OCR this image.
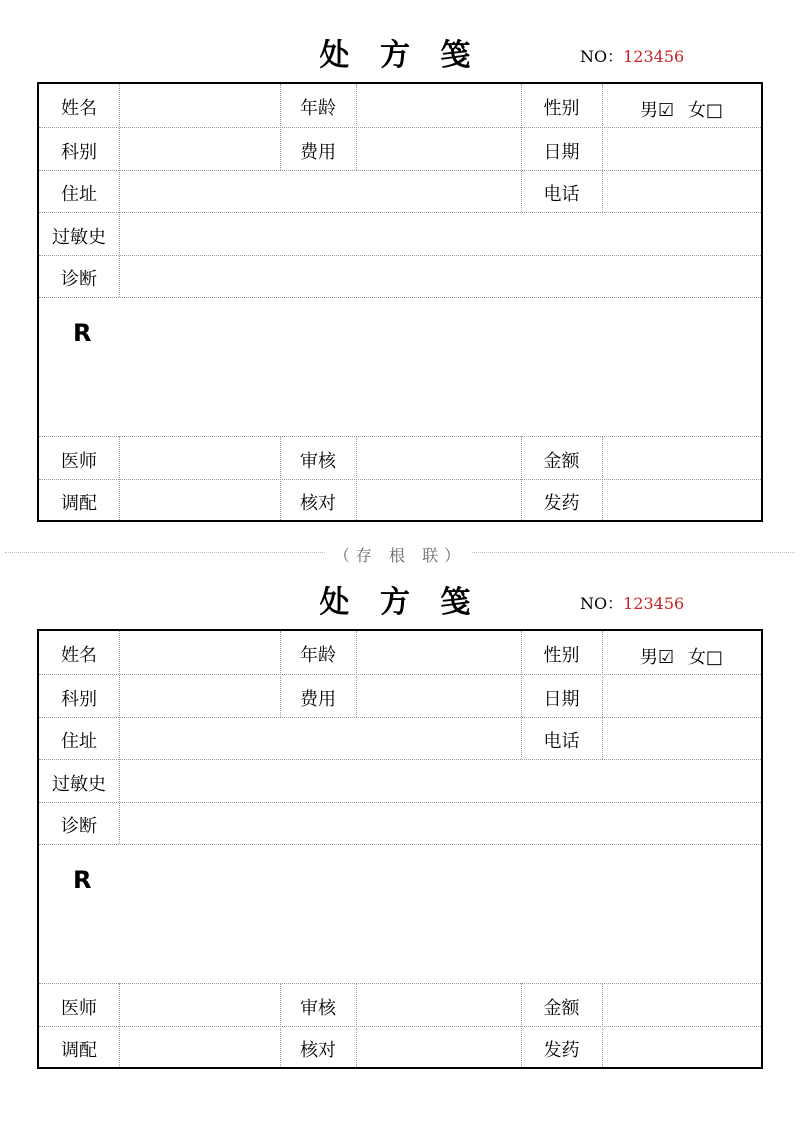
处 方 笺	NO：123456
姓名	年龄	性别	男☑ 女□
科别	费用	日期
住址	电话
过敏史
诊断
R
医师	审核	金额
调配	核对	发药
（存 根 联）
处 方 笺	NO：123456
姓名	年龄	性别	男☑ 女□
科别	费用	日期
住址	电话
过敏史
诊断
R
医师	审核	金额
调配	核对	发药
